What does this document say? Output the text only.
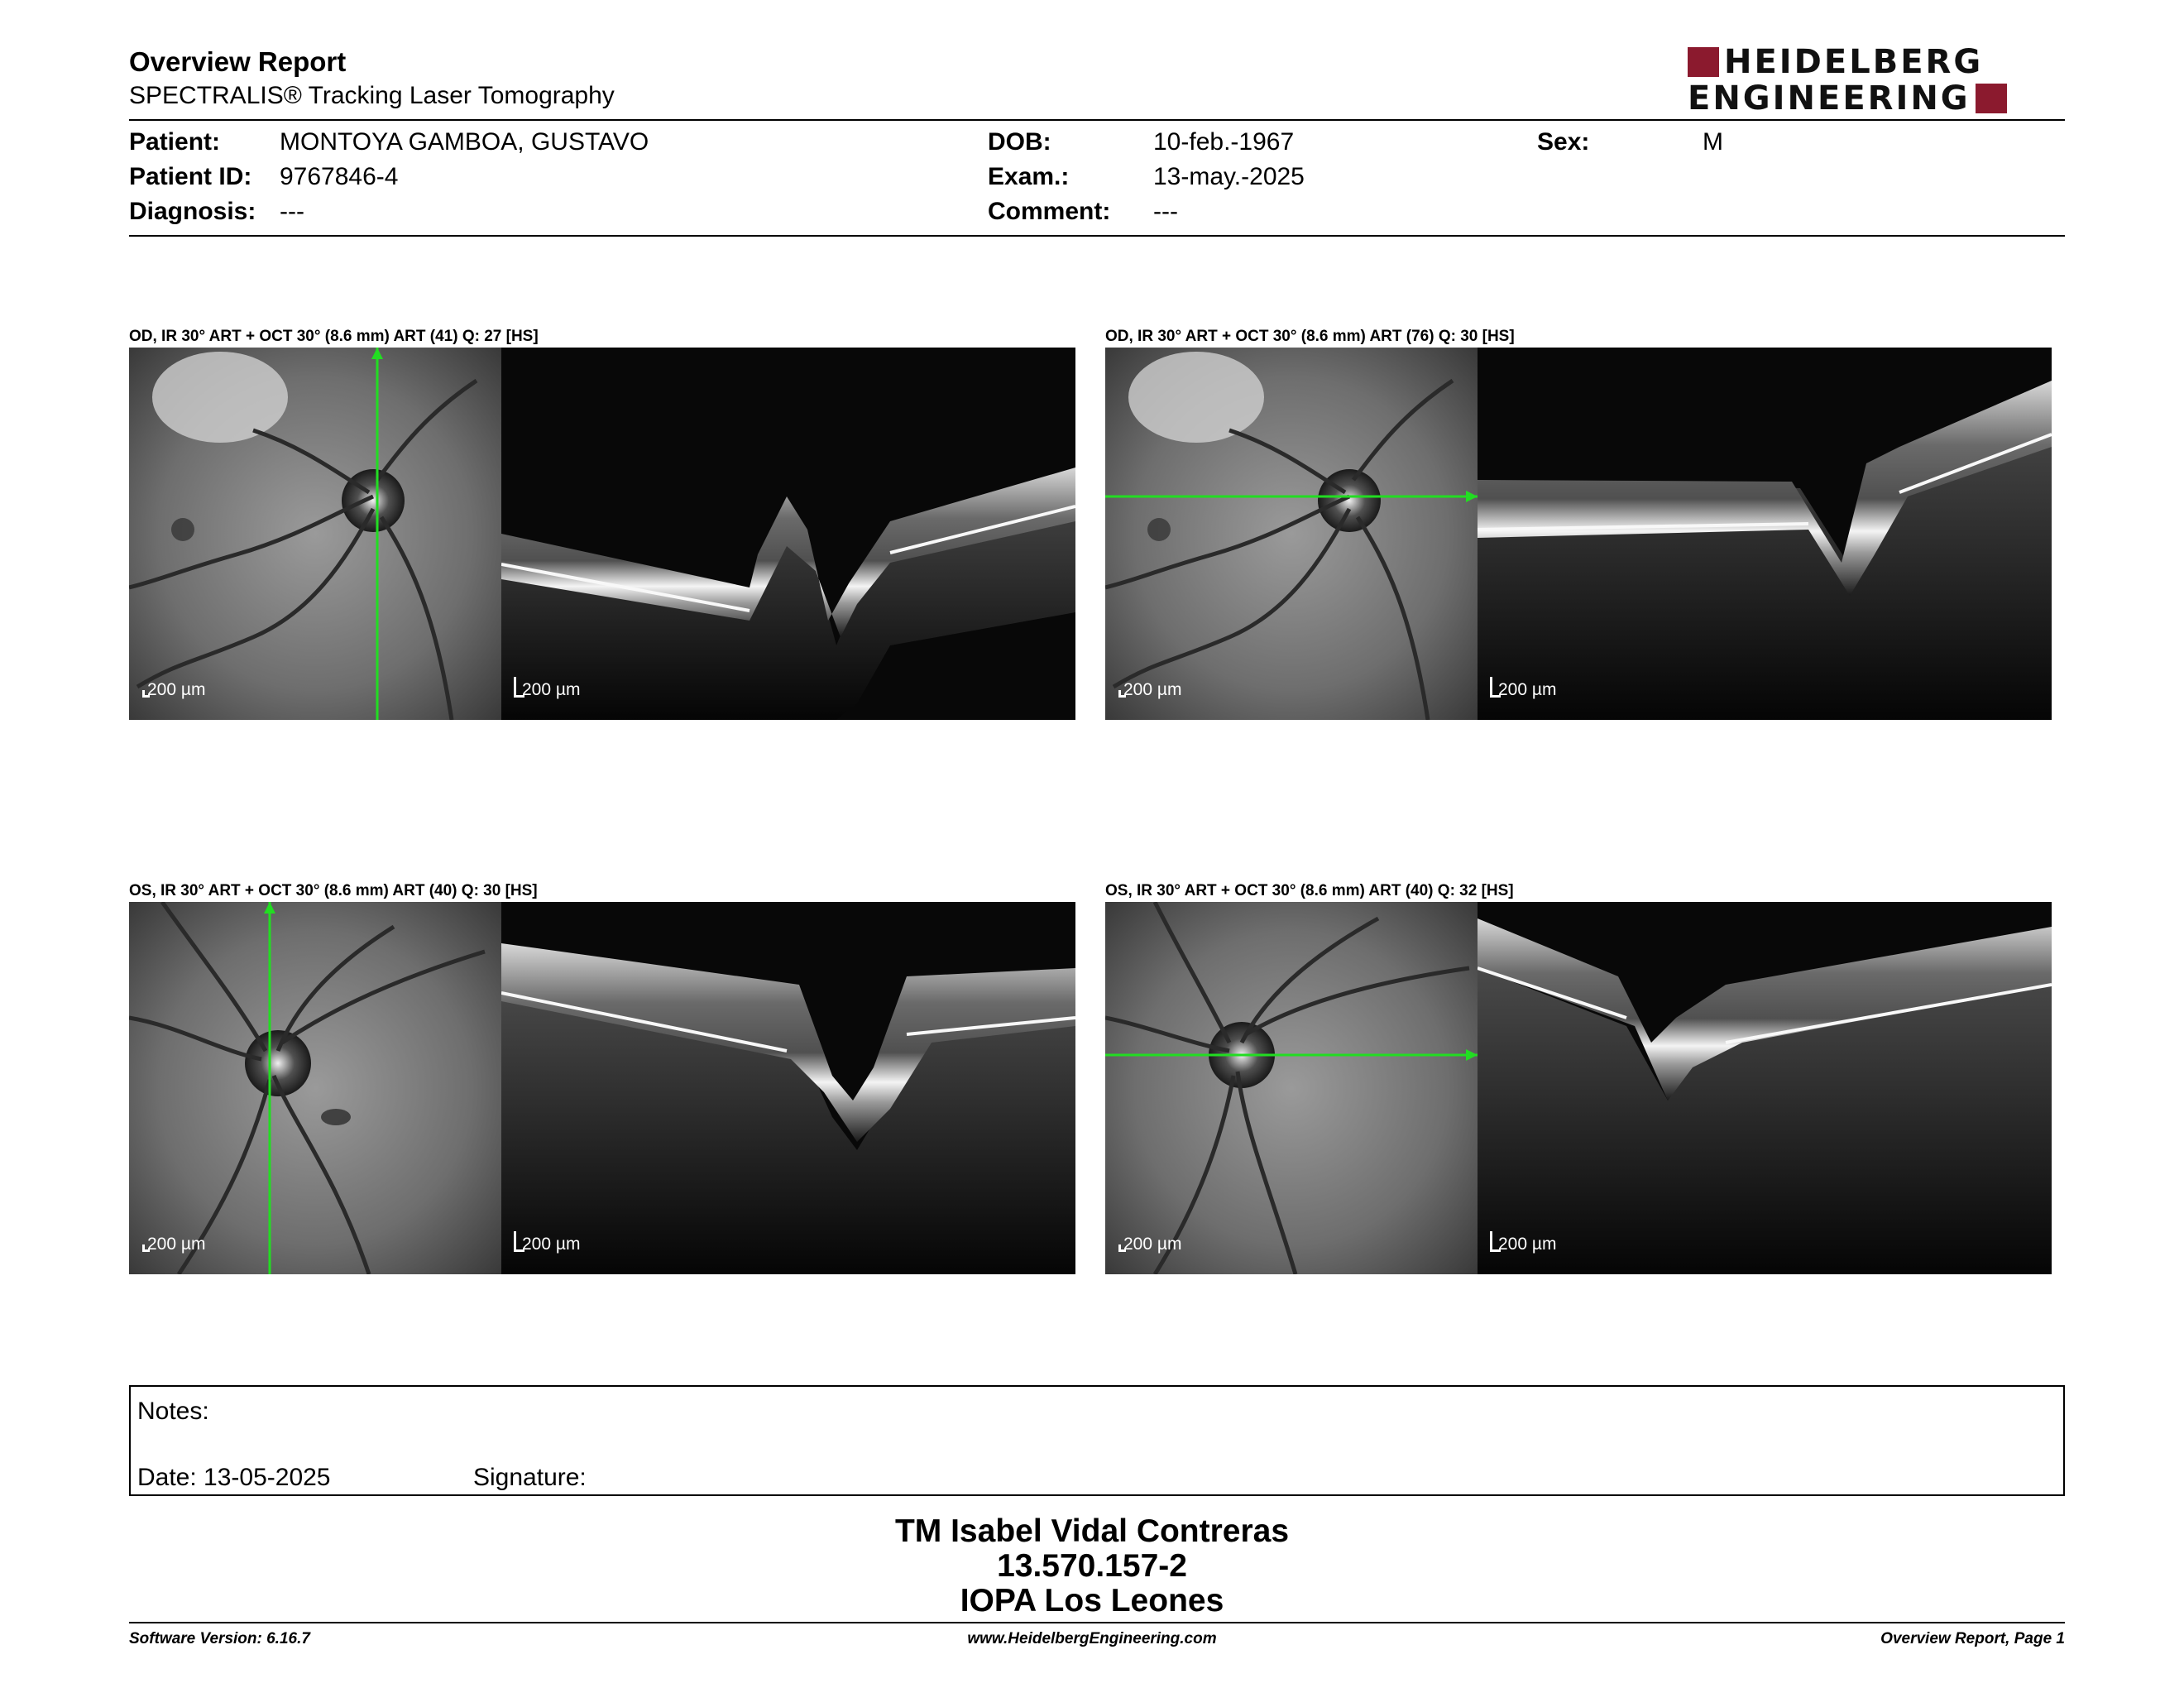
Overview Report
SPECTRALIS® Tracking Laser Tomography
HEIDELBERG
ENGINEERING
Patient: MONTOYA GAMBOA, GUSTAVO
Patient ID: 9767846-4
Diagnosis: ---
DOB:	10-feb.-1967
Exam.:	13-may.-2025
Comment: ---
Sex:	M
OD, IR 30° ART + OCT 30° (8.6 mm) ART (41) Q: 27 [HS]
200 µm	200 µm
OD, IR 30° ART + OCT 30° (8.6 mm) ART (76) Q: 30 [HS]
200 µm	200 µm
OS, IR 30° ART + OCT 30° (8.6 mm) ART (40) Q: 30 [HS]
200 µm	200 µm
OS, IR 30° ART + OCT 30° (8.6 mm) ART (40) Q: 32 [HS]
200 µm	200 µm
Notes:
Date: 13-05-2025	Signature:
TM Isabel Vidal Contreras
13.570.157-2
IOPA Los Leones
Software Version: 6.16.7	www.HeidelbergEngineering.com	Overview Report, Page 1
